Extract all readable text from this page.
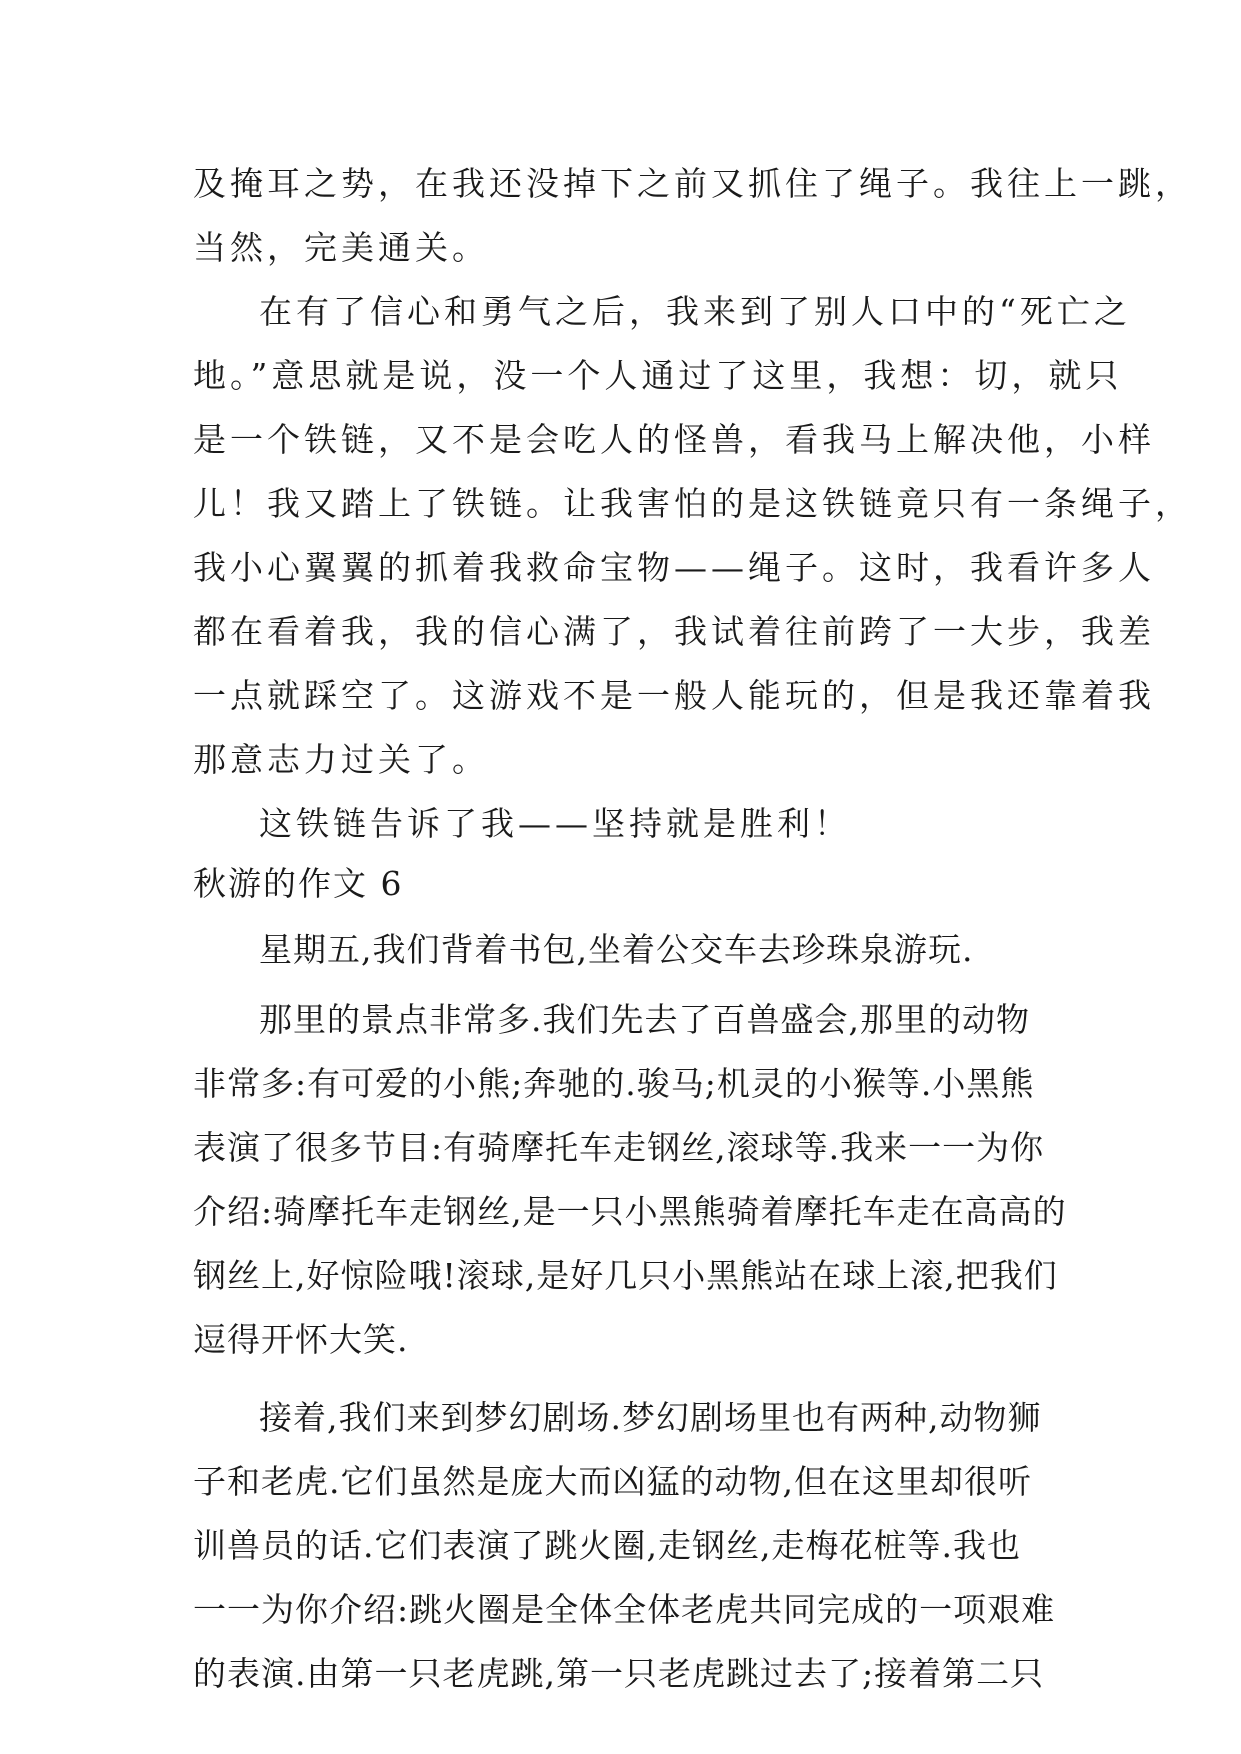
及掩耳之势，在我还没掉下之前又抓住了绳子。我往上一跳，
当然，完美通关。
在有了信心和勇气之后，我来到了别人口中的“死亡之
地。”意思就是说，没一个人通过了这里，我想：切，就只
是一个铁链，又不是会吃人的怪兽，看我马上解决他，小样
儿！我又踏上了铁链。让我害怕的是这铁链竟只有一条绳子，
我小心翼翼的抓着我救命宝物——绳子。这时，我看许多人
都在看着我，我的信心满了，我试着往前跨了一大步，我差
一点就踩空了。这游戏不是一般人能玩的，但是我还靠着我
那意志力过关了。
这铁链告诉了我——坚持就是胜利！
秋游的作文 6
星期五,我们背着书包,坐着公交车去珍珠泉游玩.
那里的景点非常多.我们先去了百兽盛会,那里的动物
非常多:有可爱的小熊;奔驰的.骏马;机灵的小猴等.小黑熊
表演了很多节目:有骑摩托车走钢丝,滚球等.我来一一为你
介绍:骑摩托车走钢丝,是一只小黑熊骑着摩托车走在高高的
钢丝上,好惊险哦!滚球,是好几只小黑熊站在球上滚,把我们
逗得开怀大笑.
接着,我们来到梦幻剧场.梦幻剧场里也有两种,动物狮
子和老虎.它们虽然是庞大而凶猛的动物,但在这里却很听
训兽员的话.它们表演了跳火圈,走钢丝,走梅花桩等.我也
一一为你介绍:跳火圈是全体全体老虎共同完成的一项艰难
的表演.由第一只老虎跳,第一只老虎跳过去了;接着第二只
